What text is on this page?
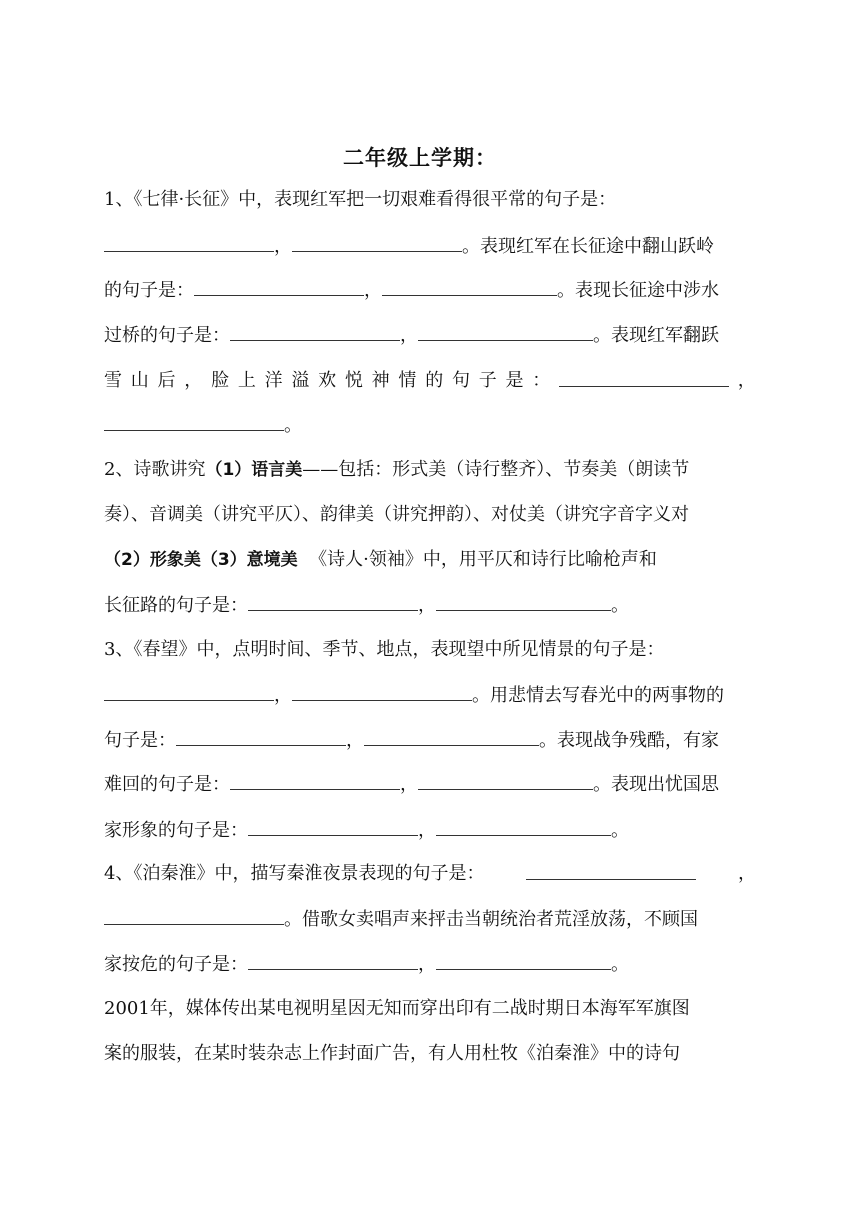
二年级上学期：
1、《七律·长征》中，表现红军把一切艰难看得很平常的句子是：
，	。表现红军在长征途中翻山跃岭
的句子是：	，	。表现长征途中涉水
过桥的句子是：	，	。表现红军翻跃
雪 山 后 ， 脸 上 洋 溢 欢 悦 神 情 的 句 子 是 ：	，
。
2、诗歌讲究（1）语言美——包括：形式美（诗行整齐）、节奏美（朗读节
奏）、音调美（讲究平仄）、韵律美（讲究押韵）、对仗美（讲究字音字义对
（2）形象美（3）意境美  《诗人·领袖》中，用平仄和诗行比喻枪声和
长征路的句子是：	，	。
3、《春望》中，点明时间、季节、地点，表现望中所见情景的句子是：
，	。用悲情去写春光中的两事物的
句子是：	，	。表现战争残酷，有家
难回的句子是：	，	。表现出忧国思
家形象的句子是：	，	。
4、《泊秦淮》中，描写秦淮夜景表现的句子是：	，
。借歌女卖唱声来抨击当朝统治者荒淫放荡，不顾国
家按危的句子是：	，	。
2001年，媒体传出某电视明星因无知而穿出印有二战时期日本海军军旗图
案的服装，在某时装杂志上作封面广告，有人用杜牧《泊秦淮》中的诗句
